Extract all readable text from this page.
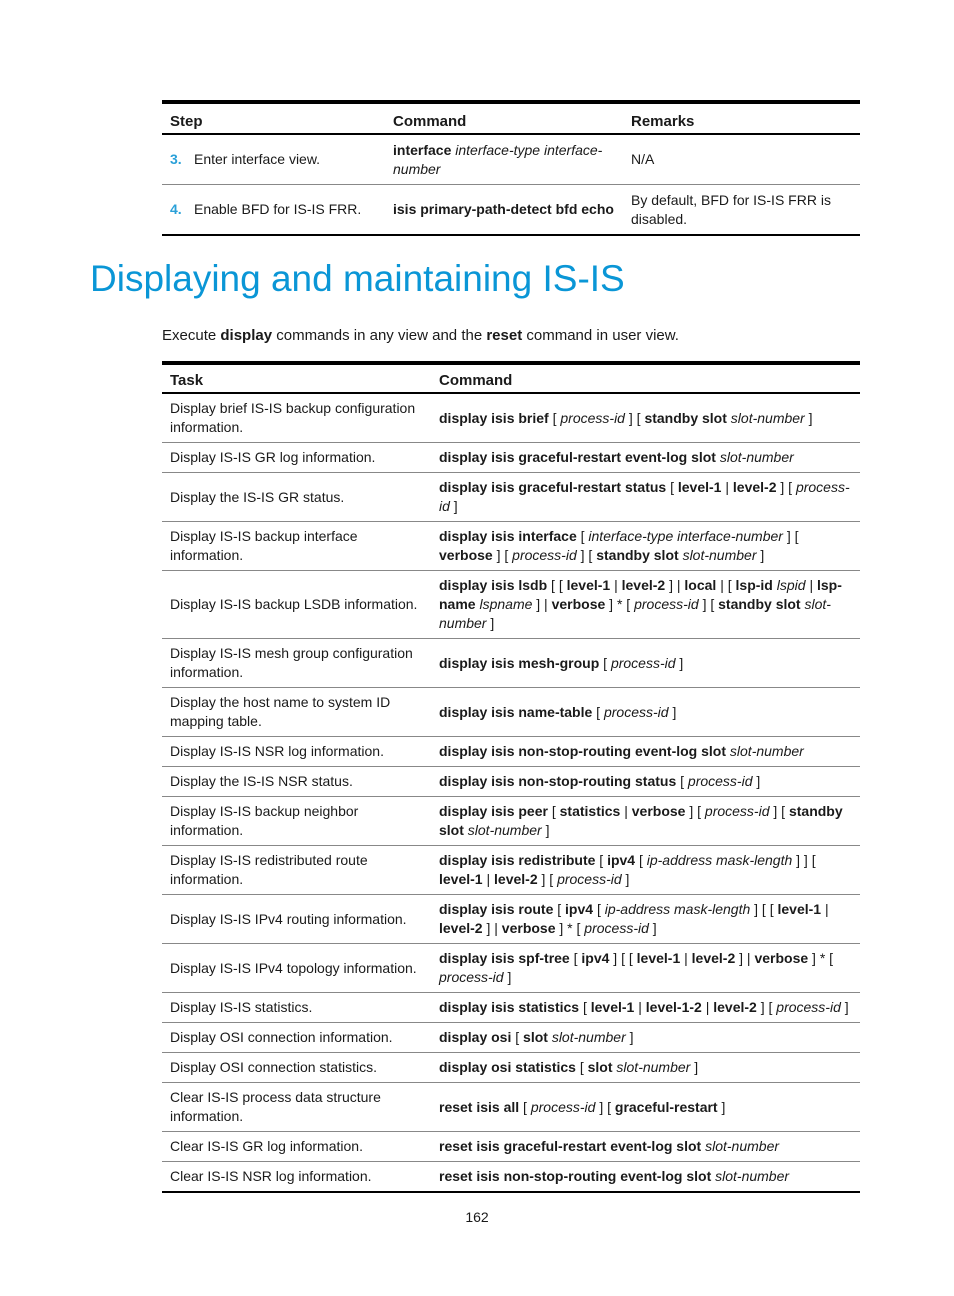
Step	Command	Remarks
3. Enter interface view.	interface interface-type interface-number	N/A
4. Enable BFD for IS-IS FRR.	isis primary-path-detect bfd echo	By default, BFD for IS-IS FRR is disabled.
Displaying and maintaining IS-IS

Execute display commands in any view and the reset command in user view.

Task	Command
Display brief IS-IS backup configuration information.	display isis brief [ process-id ] [ standby slot slot-number ]
Display IS-IS GR log information.	display isis graceful-restart event-log slot slot-number
Display the IS-IS GR status.	display isis graceful-restart status [ level-1 | level-2 ] [ process-id ]
Display IS-IS backup interface information.	display isis interface [ interface-type interface-number ] [ verbose ] [ process-id ] [ standby slot slot-number ]
Display IS-IS backup LSDB information.	display isis lsdb [ [ level-1 | level-2 ] | local | [ lsp-id lspid | lsp-name lspname ] | verbose ] * [ process-id ] [ standby slot slot-number ]
Display IS-IS mesh group configuration information.	display isis mesh-group [ process-id ]
Display the host name to system ID mapping table.	display isis name-table [ process-id ]
Display IS-IS NSR log information.	display isis non-stop-routing event-log slot slot-number
Display the IS-IS NSR status.	display isis non-stop-routing status [ process-id ]
Display IS-IS backup neighbor information.	display isis peer [ statistics | verbose ] [ process-id ] [ standby slot slot-number ]
Display IS-IS redistributed route information.	display isis redistribute [ ipv4 [ ip-address mask-length ] ] [ level-1 | level-2 ] [ process-id ]
Display IS-IS IPv4 routing information.	display isis route [ ipv4 [ ip-address mask-length ] [ [ level-1 | level-2 ] | verbose ] * [ process-id ]
Display IS-IS IPv4 topology information.	display isis spf-tree [ ipv4 ] [ [ level-1 | level-2 ] | verbose ] * [ process-id ]
Display IS-IS statistics.	display isis statistics [ level-1 | level-1-2 | level-2 ] [ process-id ]
Display OSI connection information.	display osi [ slot slot-number ]
Display OSI connection statistics.	display osi statistics [ slot slot-number ]
Clear IS-IS process data structure information.	reset isis all [ process-id ] [ graceful-restart ]
Clear IS-IS GR log information.	reset isis graceful-restart event-log slot slot-number
Clear IS-IS NSR log information.	reset isis non-stop-routing event-log slot slot-number
162
